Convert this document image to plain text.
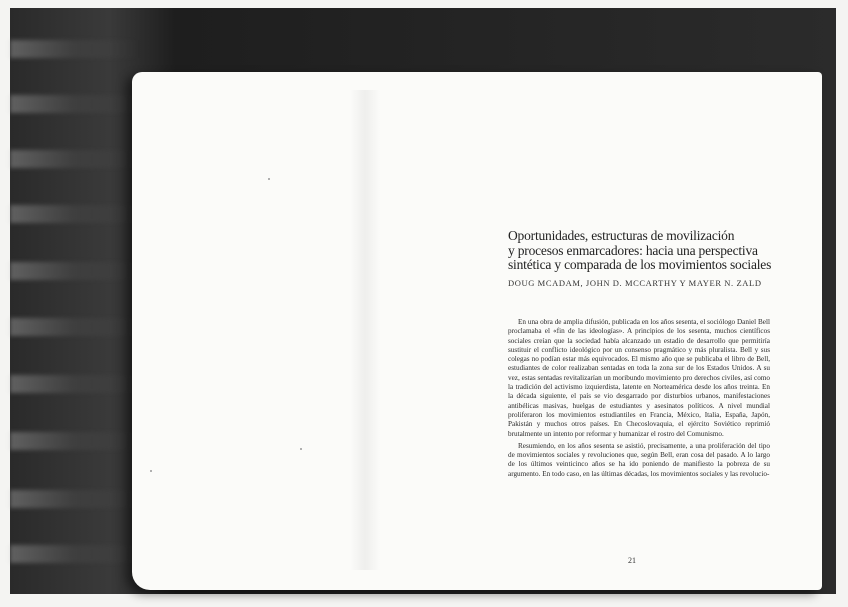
Oportunidades, estructuras de movilización
y procesos enmarcadores: hacia una perspectiva
sintética y comparada de los movimientos sociales
DOUG MCADAM, JOHN D. MCCARTHY Y MAYER N. ZALD

En una obra de amplia difusión, publicada en los años sesenta, el sociólogo Daniel Bell proclamaba el «fin de las ideologías». A principios de los sesenta, muchos científicos sociales creían que la sociedad había alcanzado un estadio de desarrollo que permitiría sustituir el conflicto ideológico por un consenso pragmático y más pluralista. Bell y sus colegas no podían estar más equivocados. El mismo año que se publicaba el libro de Bell, estudiantes de color realizaban sentadas en toda la zona sur de los Estados Unidos. A su vez, estas sentadas revitalizarían un moribundo movimiento pro derechos civiles, así como la tradición del activismo izquierdista, latente en Norteamérica desde los años treinta. En la década siguiente, el país se vio desgarrado por disturbios urbanos, manifestaciones antibélicas masivas, huelgas de estudiantes y asesinatos políticos. A nivel mundial proliferaron los movimientos estudiantiles en Francia, México, Italia, España, Japón, Pakistán y muchos otros países. En Checoslovaquia, el ejército Soviético reprimió brutalmente un intento por reformar y humanizar el rostro del Comunismo.

Resumiendo, en los años sesenta se asistió, precisamente, a una proliferación del tipo de movimientos sociales y revoluciones que, según Bell, eran cosa del pasado. A lo largo de los últimos veinticinco años se ha ido poniendo de manifiesto la pobreza de su argumento. En todo caso, en las últimas décadas, los movimientos sociales y las revolucio-

21
